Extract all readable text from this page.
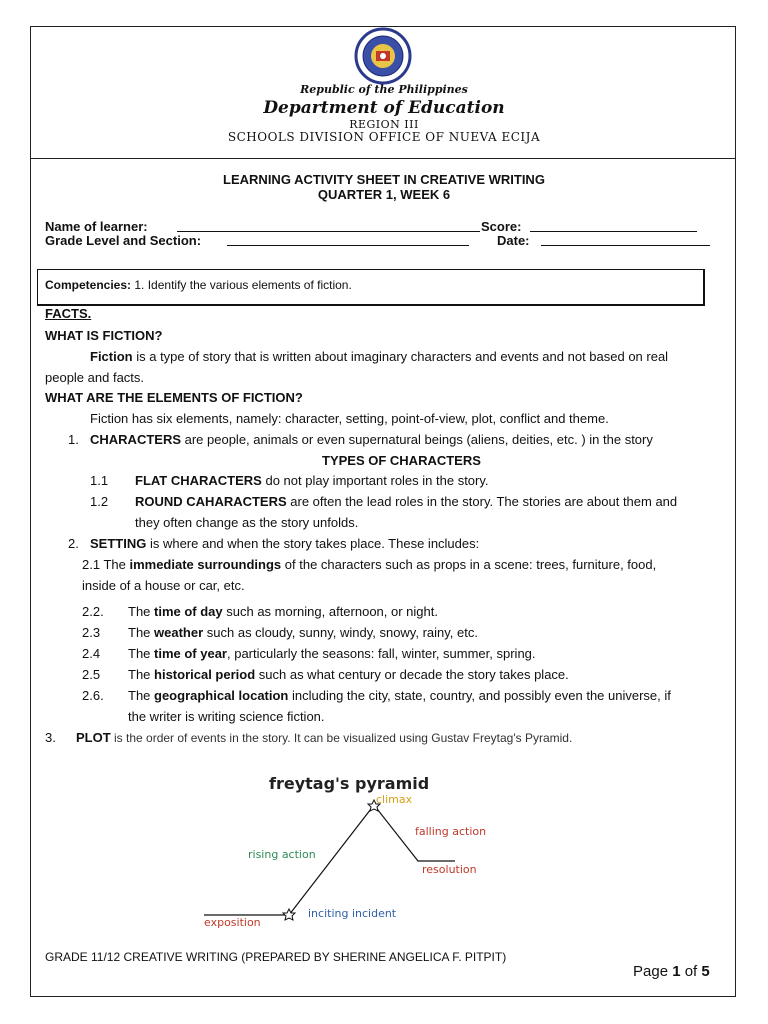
Republic of the Philippines
Department of Education
REGION III
SCHOOLS DIVISION OFFICE OF NUEVA ECIJA
LEARNING ACTIVITY SHEET IN CREATIVE WRITING
QUARTER 1, WEEK 6
Name of learner:	Score:
Grade Level and Section:	Date:
Competencies: 1. Identify the various elements of fiction.
FACTS.
WHAT IS FICTION?
Fiction is a type of story that is written about imaginary characters and events and not based on real
people and facts.
WHAT ARE THE ELEMENTS OF FICTION?
Fiction has six elements, namely: character, setting, point-of-view, plot, conflict and theme.
1. CHARACTERS are people, animals or even supernatural beings (aliens, deities, etc. ) in the story
TYPES OF CHARACTERS
1.1 FLAT CHARACTERS do not play important roles in the story.
1.2 ROUND CAHARACTERS are often the lead roles in the story. The stories are about them and
they often change as the story unfolds.
2. SETTING is where and when the story takes place. These includes:
2.1 The immediate surroundings of the characters such as props in a scene: trees, furniture, food,
inside of a house or car, etc.
2.2. The time of day such as morning, afternoon, or night.
2.3 The weather such as cloudy, sunny, windy, snowy, rainy, etc.
2.4 The time of year, particularly the seasons: fall, winter, summer, spring.
2.5 The historical period such as what century or decade the story takes place.
2.6. The geographical location including the city, state, country, and possibly even the universe, if
the writer is writing science fiction.
3. PLOT is the order of events in the story. It can be visualized using Gustav Freytag's Pyramid.
freytag's pyramid
climax
falling action
rising action
resolution
exposition
inciting incident
GRADE 11/12 CREATIVE WRITING (PREPARED BY SHERINE ANGELICA F. PITPIT)
Page 1 of 5
